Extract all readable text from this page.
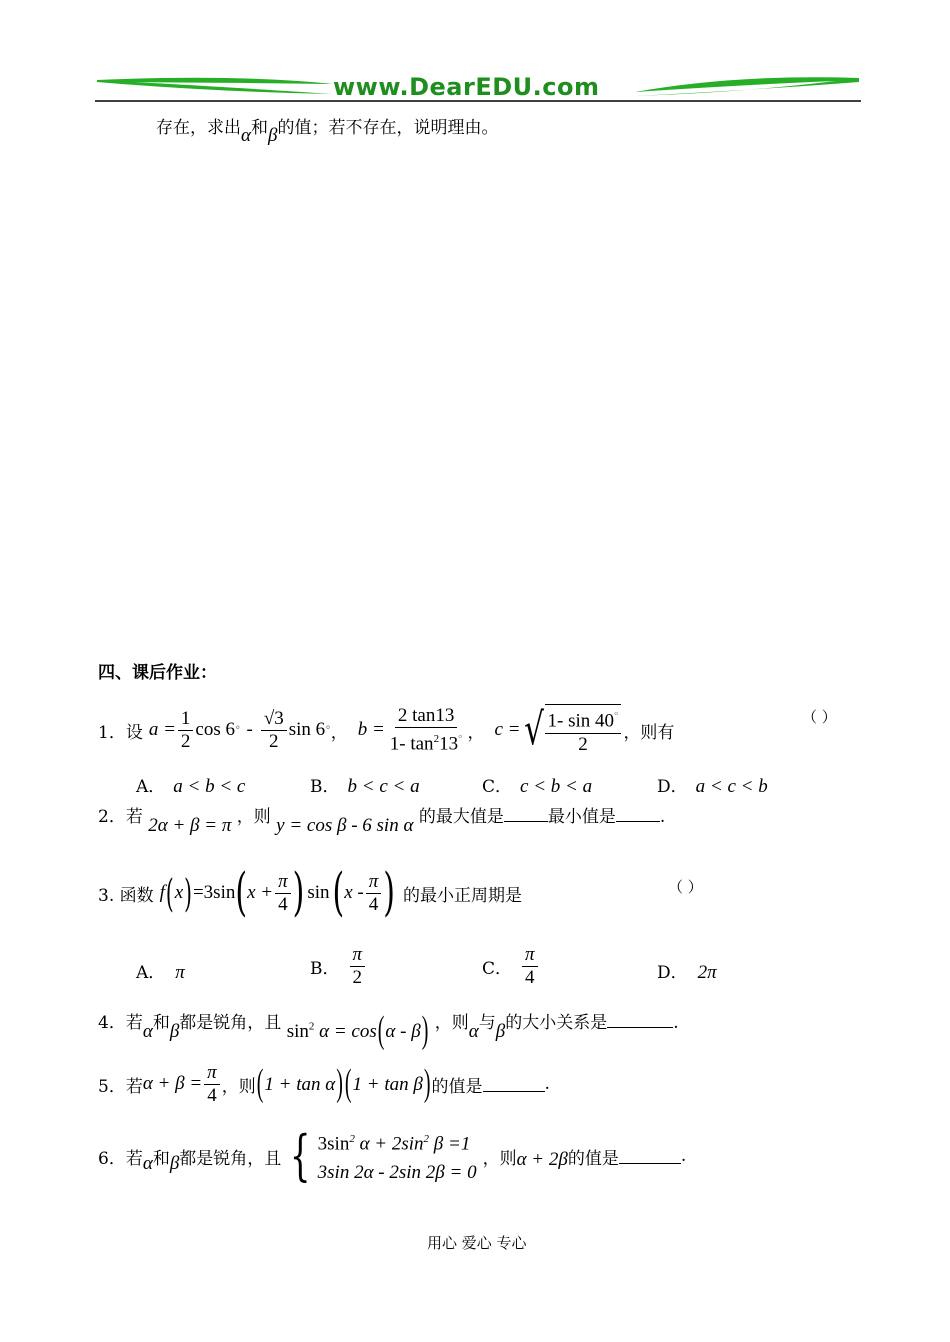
www.DearEDU.com
存在，求出α和β的值；若不存在，说明理由。
四、课后作业：
1．设 $a = \frac{1}{2}$ cos 6 ° - $\frac{√3}{2}$ sin 6 ° ， $b = \frac{2 \tan 13}{1- \tan^213^\circ}$ ， c = √ $\frac{1- \sin 40^\circ}{2}$ ，则有
（ ）
A． a < b < c	B． b < c < a	C． c < b < a	D． a < c < b
2．若 2α + β = π ，则 y = cos β - 6 sin α 的最大值是	最小值是	.
3. 函数 f ( x ) =3sin ( $x + \frac{\pi}{4}$ ) sin ( x - $\frac{\pi}{4}$ ) 的最小正周期是	（ ）
A． π	B． $\frac{\pi}{2}$	C． $\frac{\pi}{4}$	D． 2π
4．若α和β都是锐角，且 $\sin^2 \alpha = \cos(\alpha - \beta)$ ，则α与β的大小关系是	.
5．若 $\alpha + \beta = \frac{\pi}{4}$ ，则 (1 + tan α) (1 + tan β) 的值是	.
6．若 α 和 β 都是锐角，且 { $3\sin^2$ $\alpha + 2\sin^2$ β =1
3sin 2α - 2sin 2β = 0
，则 α + 2β 的值是	.
用心 爱心 专心
